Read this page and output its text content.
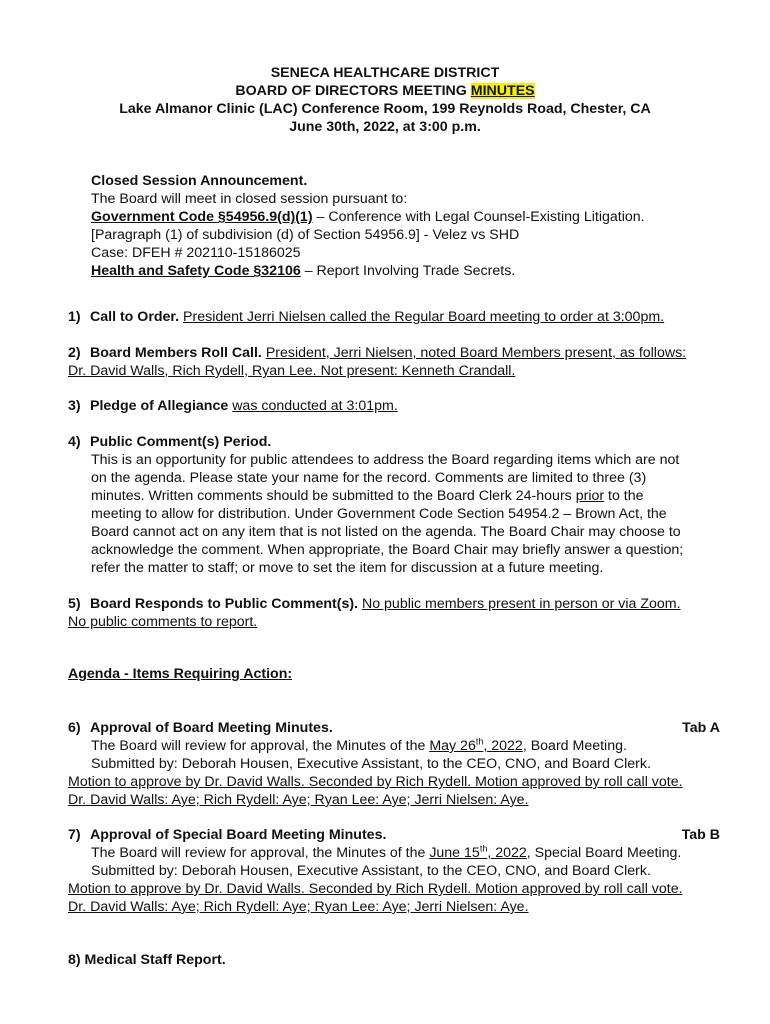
SENECA HEALTHCARE DISTRICT
BOARD OF DIRECTORS MEETING MINUTES
Lake Almanor Clinic (LAC) Conference Room, 199 Reynolds Road, Chester, CA
June 30th, 2022, at 3:00 p.m.
Closed Session Announcement.
The Board will meet in closed session pursuant to:
Government Code §54956.9(d)(1) – Conference with Legal Counsel-Existing Litigation.
[Paragraph (1) of subdivision (d) of Section 54956.9] - Velez vs SHD
Case: DFEH # 202110-15186025
Health and Safety Code §32106 – Report Involving Trade Secrets.
1) Call to Order. President Jerri Nielsen called the Regular Board meeting to order at 3:00pm.
2) Board Members Roll Call. President, Jerri Nielsen, noted Board Members present, as follows:
Dr. David Walls, Rich Rydell, Ryan Lee. Not present: Kenneth Crandall.
3) Pledge of Allegiance was conducted at 3:01pm.
4) Public Comment(s) Period.
This is an opportunity for public attendees to address the Board regarding items which are not
on the agenda. Please state your name for the record. Comments are limited to three (3)
minutes. Written comments should be submitted to the Board Clerk 24-hours prior to the
meeting to allow for distribution. Under Government Code Section 54954.2 – Brown Act, the
Board cannot act on any item that is not listed on the agenda. The Board Chair may choose to
acknowledge the comment. When appropriate, the Board Chair may briefly answer a question;
refer the matter to staff; or move to set the item for discussion at a future meeting.
5) Board Responds to Public Comment(s). No public members present in person or via Zoom.
No public comments to report.
Agenda - Items Requiring Action:
6) Approval of Board Meeting Minutes.	Tab A
The Board will review for approval, the Minutes of the May 26th, 2022, Board Meeting.
Submitted by: Deborah Housen, Executive Assistant, to the CEO, CNO, and Board Clerk.
Motion to approve by Dr. David Walls. Seconded by Rich Rydell. Motion approved by roll call vote.
Dr. David Walls: Aye; Rich Rydell: Aye; Ryan Lee: Aye; Jerri Nielsen: Aye.
7) Approval of Special Board Meeting Minutes.	Tab B
The Board will review for approval, the Minutes of the June 15th, 2022, Special Board Meeting.
Submitted by: Deborah Housen, Executive Assistant, to the CEO, CNO, and Board Clerk.
Motion to approve by Dr. David Walls. Seconded by Rich Rydell. Motion approved by roll call vote.
Dr. David Walls: Aye; Rich Rydell: Aye; Ryan Lee: Aye; Jerri Nielsen: Aye.
8) Medical Staff Report.
